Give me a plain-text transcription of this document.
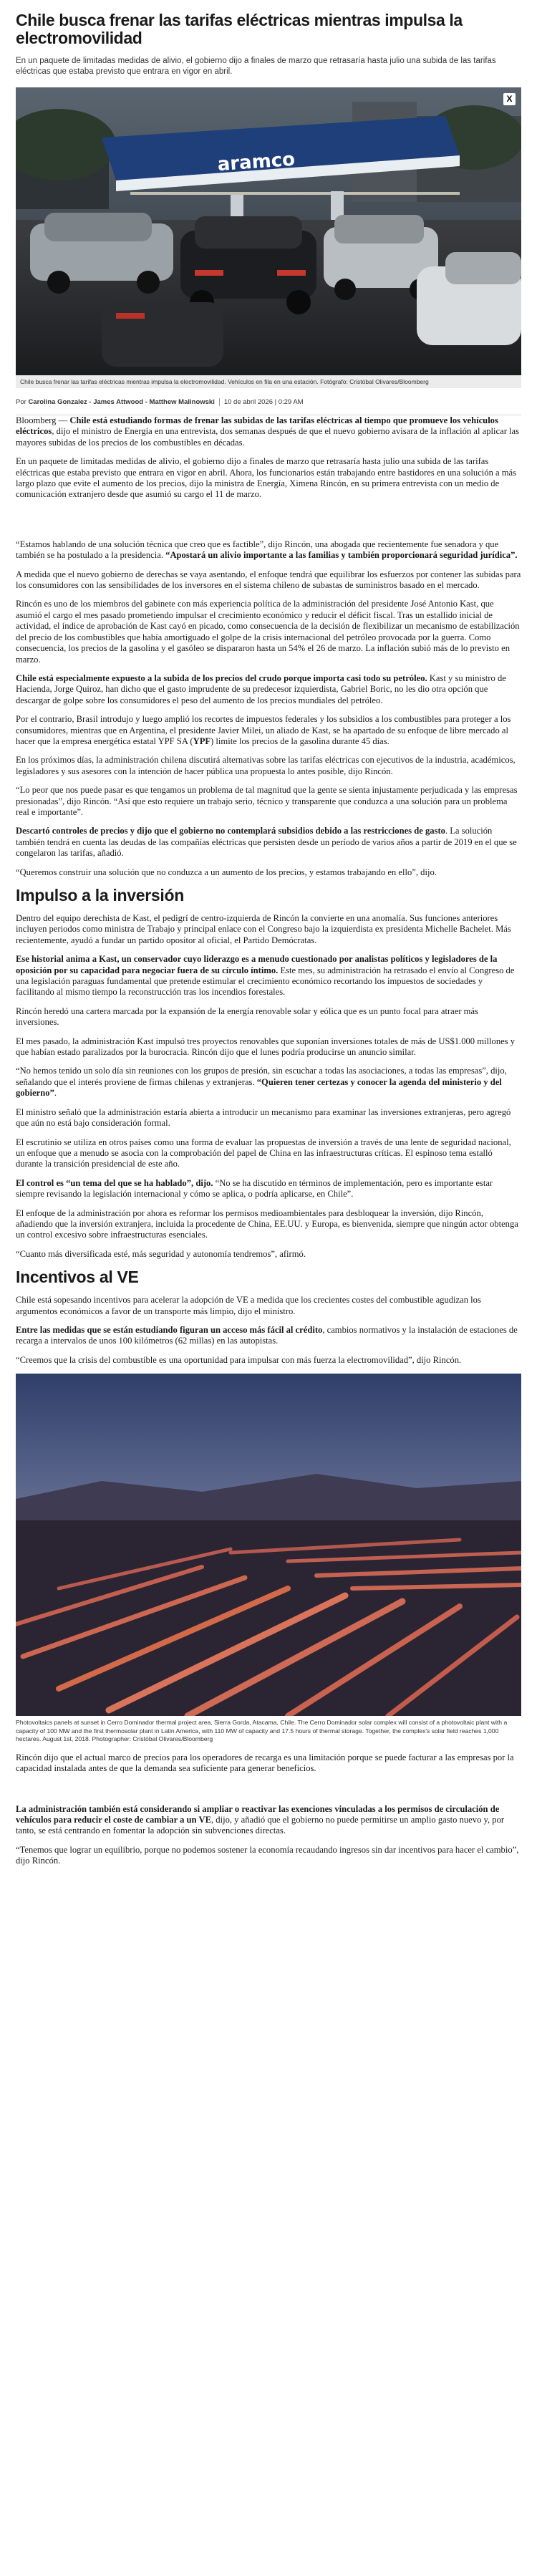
Chile busca frenar las tarifas eléctricas mientras impulsa la electromovilidad

En un paquete de limitadas medidas de alivio, el gobierno dijo a finales de marzo que retrasaría hasta julio una subida de las tarifas eléctricas que estaba previsto que entrara en vigor en abril.

aramco
X
Chile busca frenar las tarifas eléctricas mientras impulsa la electromovilidad. Vehículos en fila en una estación. Fotógrafo: Cristóbal Olivares/Bloomberg
Por
Carolina Gonzalez - James Attwood - Matthew Malinowski 10 de abril 2026 | 0:29 AM

Bloomberg — Chile está estudiando formas de frenar las subidas de las tarifas eléctricas al tiempo que promueve los vehículos eléctricos, dijo el ministro de Energía en una entrevista, dos semanas después de que el nuevo gobierno avisara de la inflación al aplicar las mayores subidas de los precios de los combustibles en décadas.

En un paquete de limitadas medidas de alivio, el gobierno dijo a finales de marzo que retrasaría hasta julio una subida de las tarifas eléctricas que estaba previsto que entrara en vigor en abril. Ahora, los funcionarios están trabajando entre bastidores en una solución a más largo plazo que evite el aumento de los precios, dijo la ministra de Energía, Ximena Rincón, en su primera entrevista con un medio de comunicación extranjero desde que asumió su cargo el 11 de marzo.

“Estamos hablando de una solución técnica que creo que es factible”, dijo Rincón, una abogada que recientemente fue senadora y que también se ha postulado a la presidencia. “Apostará un alivio importante a las familias y también proporcionará seguridad jurídica”.

A medida que el nuevo gobierno de derechas se vaya asentando, el enfoque tendrá que equilibrar los esfuerzos por contener las subidas para los consumidores con las sensibilidades de los inversores en el sistema chileno de subastas de suministros basado en el mercado.

Rincón es uno de los miembros del gabinete con más experiencia política de la administración del presidente José Antonio Kast, que asumió el cargo el mes pasado prometiendo impulsar el crecimiento económico y reducir el déficit fiscal. Tras un estallido inicial de actividad, el índice de aprobación de Kast cayó en picado, como consecuencia de la decisión de flexibilizar un mecanismo de estabilización del precio de los combustibles que había amortiguado el golpe de la crisis internacional del petróleo provocada por la guerra. Como consecuencia, los precios de la gasolina y el gasóleo se dispararon hasta un 54% el 26 de marzo. La inflación subió más de lo previsto en marzo.

Chile está especialmente expuesto a la subida de los precios del crudo porque importa casi todo su petróleo. Kast y su ministro de Hacienda, Jorge Quiroz, han dicho que el gasto imprudente de su predecesor izquierdista, Gabriel Boric, no les dio otra opción que descargar de golpe sobre los consumidores el peso del aumento de los precios mundiales del petróleo.

Por el contrario, Brasil introdujo y luego amplió los recortes de impuestos federales y los subsidios a los combustibles para proteger a los consumidores, mientras que en Argentina, el presidente Javier Milei, un aliado de Kast, se ha apartado de su enfoque de libre mercado al hacer que la empresa energética estatal YPF SA (YPF) limite los precios de la gasolina durante 45 días.

En los próximos días, la administración chilena discutirá alternativas sobre las tarifas eléctricas con ejecutivos de la industria, académicos, legisladores y sus asesores con la intención de hacer pública una propuesta lo antes posible, dijo Rincón.

“Lo peor que nos puede pasar es que tengamos un problema de tal magnitud que la gente se sienta injustamente perjudicada y las empresas presionadas”, dijo Rincón. “Así que esto requiere un trabajo serio, técnico y transparente que conduzca a una solución para un problema real e importante”.

Descartó controles de precios y dijo que el gobierno no contemplará subsidios debido a las restricciones de gasto. La solución también tendrá en cuenta las deudas de las compañías eléctricas que persisten desde un período de varios años a partir de 2019 en el que se congelaron las tarifas, añadió.

“Queremos construir una solución que no conduzca a un aumento de los precios, y estamos trabajando en ello”, dijo.

Impulso a la inversión

Dentro del equipo derechista de Kast, el pedigrí de centro-izquierda de Rincón la convierte en una anomalía. Sus funciones anteriores incluyen periodos como ministra de Trabajo y principal enlace con el Congreso bajo la izquierdista ex presidenta Michelle Bachelet. Más recientemente, ayudó a fundar un partido opositor al oficial, el Partido Demócratas.

Ese historial anima a Kast, un conservador cuyo liderazgo es a menudo cuestionado por analistas políticos y legisladores de la oposición por su capacidad para negociar fuera de su círculo íntimo. Este mes, su administración ha retrasado el envío al Congreso de una legislación paraguas fundamental que pretende estimular el crecimiento económico recortando los impuestos de sociedades y facilitando al mismo tiempo la reconstrucción tras los incendios forestales.

Rincón heredó una cartera marcada por la expansión de la energía renovable solar y eólica que es un punto focal para atraer más inversiones.

El mes pasado, la administración Kast impulsó tres proyectos renovables que suponían inversiones totales de más de US$1.000 millones y que habían estado paralizados por la burocracia. Rincón dijo que el lunes podría producirse un anuncio similar.

“No hemos tenido un solo día sin reuniones con los grupos de presión, sin escuchar a todas las asociaciones, a todas las empresas”, dijo, señalando que el interés proviene de firmas chilenas y extranjeras. “Quieren tener certezas y conocer la agenda del ministerio y del gobierno”.

El ministro señaló que la administración estaría abierta a introducir un mecanismo para examinar las inversiones extranjeras, pero agregó que aún no está bajo consideración formal.

El escrutinio se utiliza en otros países como una forma de evaluar las propuestas de inversión a través de una lente de seguridad nacional, un enfoque que a menudo se asocia con la comprobación del papel de China en las infraestructuras críticas. El espinoso tema estalló durante la transición presidencial de este año.

El control es “un tema del que se ha hablado”, dijo. “No se ha discutido en términos de implementación, pero es importante estar siempre revisando la legislación internacional y cómo se aplica, o podría aplicarse, en Chile”.

El enfoque de la administración por ahora es reformar los permisos medioambientales para desbloquear la inversión, dijo Rincón, añadiendo que la inversión extranjera, incluida la procedente de China, EE.UU. y Europa, es bienvenida, siempre que ningún actor obtenga un control excesivo sobre infraestructuras esenciales.

“Cuanto más diversificada esté, más seguridad y autonomía tendremos”, afirmó.

Incentivos al VE

Chile está sopesando incentivos para acelerar la adopción de VE a medida que los crecientes costes del combustible agudizan los argumentos económicos a favor de un transporte más limpio, dijo el ministro.

Entre las medidas que se están estudiando figuran un acceso más fácil al crédito, cambios normativos y la instalación de estaciones de recarga a intervalos de unos 100 kilómetros (62 millas) en las autopistas.

“Creemos que la crisis del combustible es una oportunidad para impulsar con más fuerza la electromovilidad”, dijo Rincón.

Photovoltaics panels at sunset in Cerro Dominador thermal project area, Sierra Gorda, Atacama, Chile. The Cerro Dominador solar complex will consist of a photovoltaic plant with a capacity of 100 MW and the first thermosolar plant in Latin America, with 110 MW of capacity and 17.5 hours of thermal storage. Together, the complex's solar field reaches 1,000 hectares. August 1st, 2018. Photographer: Cristóbal Olivares/Bloomberg

Rincón dijo que el actual marco de precios para los operadores de recarga es una limitación porque se puede facturar a las empresas por la capacidad instalada antes de que la demanda sea suficiente para generar beneficios.

La administración también está considerando si ampliar o reactivar las exenciones vinculadas a los permisos de circulación de vehículos para reducir el coste de cambiar a un VE, dijo, y añadió que el gobierno no puede permitirse un amplio gasto nuevo y, por tanto, se está centrando en fomentar la adopción sin subvenciones directas.

“Tenemos que lograr un equilibrio, porque no podemos sostener la economía recaudando ingresos sin dar incentivos para hacer el cambio”, dijo Rincón.
